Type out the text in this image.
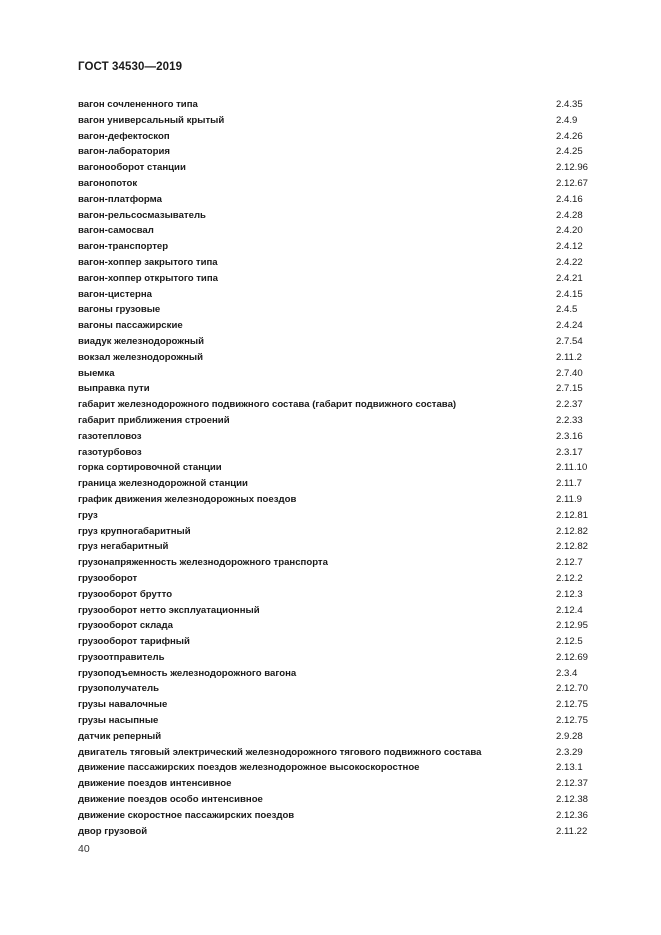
ГОСТ 34530—2019
вагон сочлененного типа	2.4.35
вагон универсальный крытый	2.4.9
вагон-дефектоскоп	2.4.26
вагон-лаборатория	2.4.25
вагонооборот станции	2.12.96
вагонопоток	2.12.67
вагон-платформа	2.4.16
вагон-рельсосмазыватель	2.4.28
вагон-самосвал	2.4.20
вагон-транспортер	2.4.12
вагон-хоппер закрытого типа	2.4.22
вагон-хоппер открытого типа	2.4.21
вагон-цистерна	2.4.15
вагоны грузовые	2.4.5
вагоны пассажирские	2.4.24
виадук железнодорожный	2.7.54
вокзал железнодорожный	2.11.2
выемка	2.7.40
выправка пути	2.7.15
габарит железнодорожного подвижного состава (габарит подвижного состава)	2.2.37
габарит приближения строений	2.2.33
газотепловоз	2.3.16
газотурбовоз	2.3.17
горка сортировочной станции	2.11.10
граница железнодорожной станции	2.11.7
график движения железнодорожных поездов	2.11.9
груз	2.12.81
груз крупногабаритный	2.12.82
груз негабаритный	2.12.82
грузонапряженность железнодорожного транспорта	2.12.7
грузооборот	2.12.2
грузооборот брутто	2.12.3
грузооборот нетто эксплуатационный	2.12.4
грузооборот склада	2.12.95
грузооборот тарифный	2.12.5
грузоотправитель	2.12.69
грузоподъемность железнодорожного вагона	2.3.4
грузополучатель	2.12.70
грузы навалочные	2.12.75
грузы насыпные	2.12.75
датчик реперный	2.9.28
двигатель тяговый электрический железнодорожного тягового подвижного состава	2.3.29
движение пассажирских поездов железнодорожное высокоскоростное	2.13.1
движение поездов интенсивное	2.12.37
движение поездов особо интенсивное	2.12.38
движение скоростное пассажирских поездов	2.12.36
двор грузовой	2.11.22
40
